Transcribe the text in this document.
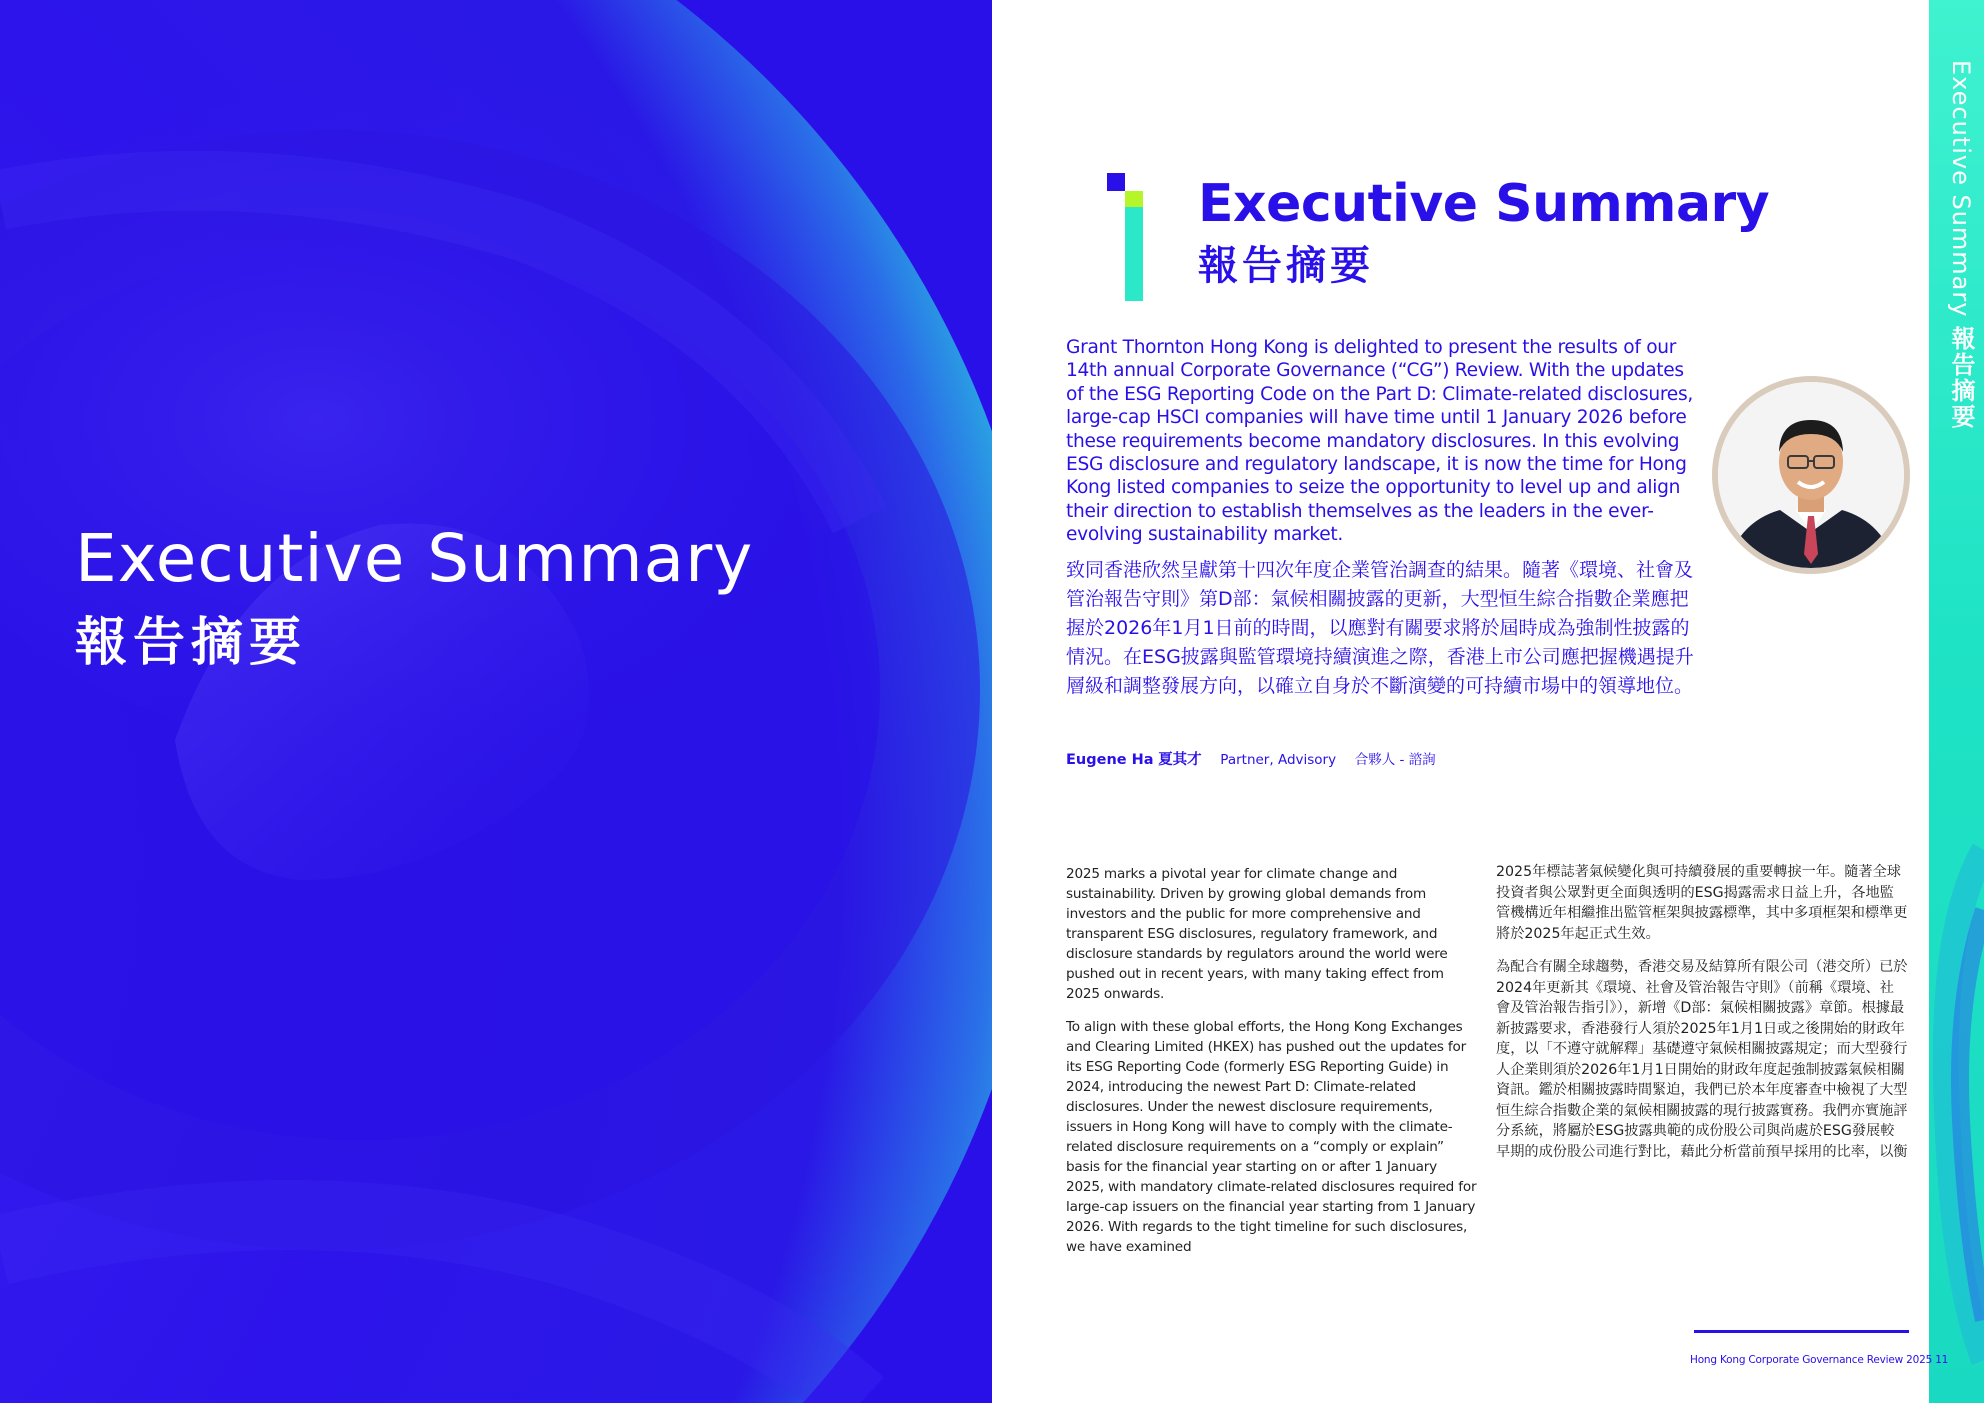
Executive Summary
報告摘要
Executive Summary 報告摘要
Executive Summary
報告摘要
Grant Thornton Hong Kong is delighted to present the results of our 14th annual Corporate Governance (“CG”) Review. With the updates of the ESG Reporting Code on the Part D: Climate-related disclosures, large-cap HSCI companies will have time until 1 January 2026 before these requirements become mandatory disclosures. In this evolving ESG disclosure and regulatory landscape, it is now the time for Hong Kong listed companies to seize the opportunity to level up and align their direction to establish themselves as the leaders in the ever-evolving sustainability market.
致同香港欣然呈獻第十四次年度企業管治調查的結果。隨著《環境、社會及管治報告守則》第D部：氣候相關披露的更新，大型恒生綜合指數企業應把握於2026年1月1日前的時間，以應對有關要求將於屆時成為強制性披露的情況。在ESG披露與監管環境持續演進之際，香港上市公司應把握機遇提升層級和調整發展方向，以確立自身於不斷演變的可持續市場中的領導地位。
Eugene Ha 夏其才 Partner, Advisory 合夥人 - 諮詢

2025 marks a pivotal year for climate change and sustainability. Driven by growing global demands from investors and the public for more comprehensive and transparent ESG disclosures, regulatory framework, and disclosure standards by regulators around the world were pushed out in recent years, with many taking effect from 2025 onwards.

To align with these global efforts, the Hong Kong Exchanges and Clearing Limited (HKEX) has pushed out the updates for its ESG Reporting Code (formerly ESG Reporting Guide) in 2024, introducing the newest Part D: Climate-related disclosures. Under the newest disclosure requirements, issuers in Hong Kong will have to comply with the climate-related disclosure requirements on a “comply or explain” basis for the financial year starting on or after 1 January 2025, with mandatory climate-related disclosures required for large-cap issuers on the financial year starting from 1 January 2026. With regards to the tight timeline for such disclosures, we have examined

2025年標誌著氣候變化與可持續發展的重要轉捩一年。隨著全球投資者與公眾對更全面與透明的ESG揭露需求日益上升，各地監管機構近年相繼推出監管框架與披露標準，其中多項框架和標準更將於2025年起正式生效。

為配合有關全球趨勢，香港交易及結算所有限公司（港交所）已於2024年更新其《環境、社會及管治報告守則》（前稱《環境、社會及管治報告指引》），新增《D部：氣候相關披露》章節。根據最新披露要求，香港發行人須於2025年1月1日或之後開始的財政年度，以「不遵守就解釋」基礎遵守氣候相關披露規定；而大型發行人企業則須於2026年1月1日開始的財政年度起強制披露氣候相關資訊。鑑於相關披露時間緊迫，我們已於本年度審查中檢視了大型恒生綜合指數企業的氣候相關披露的現行披露實務。我們亦實施評分系統，將屬於ESG披露典範的成份股公司與尚處於ESG發展較早期的成份股公司進行對比，藉此分析當前預早採用的比率，以衡

Hong Kong Corporate Governance Review 2025 11
